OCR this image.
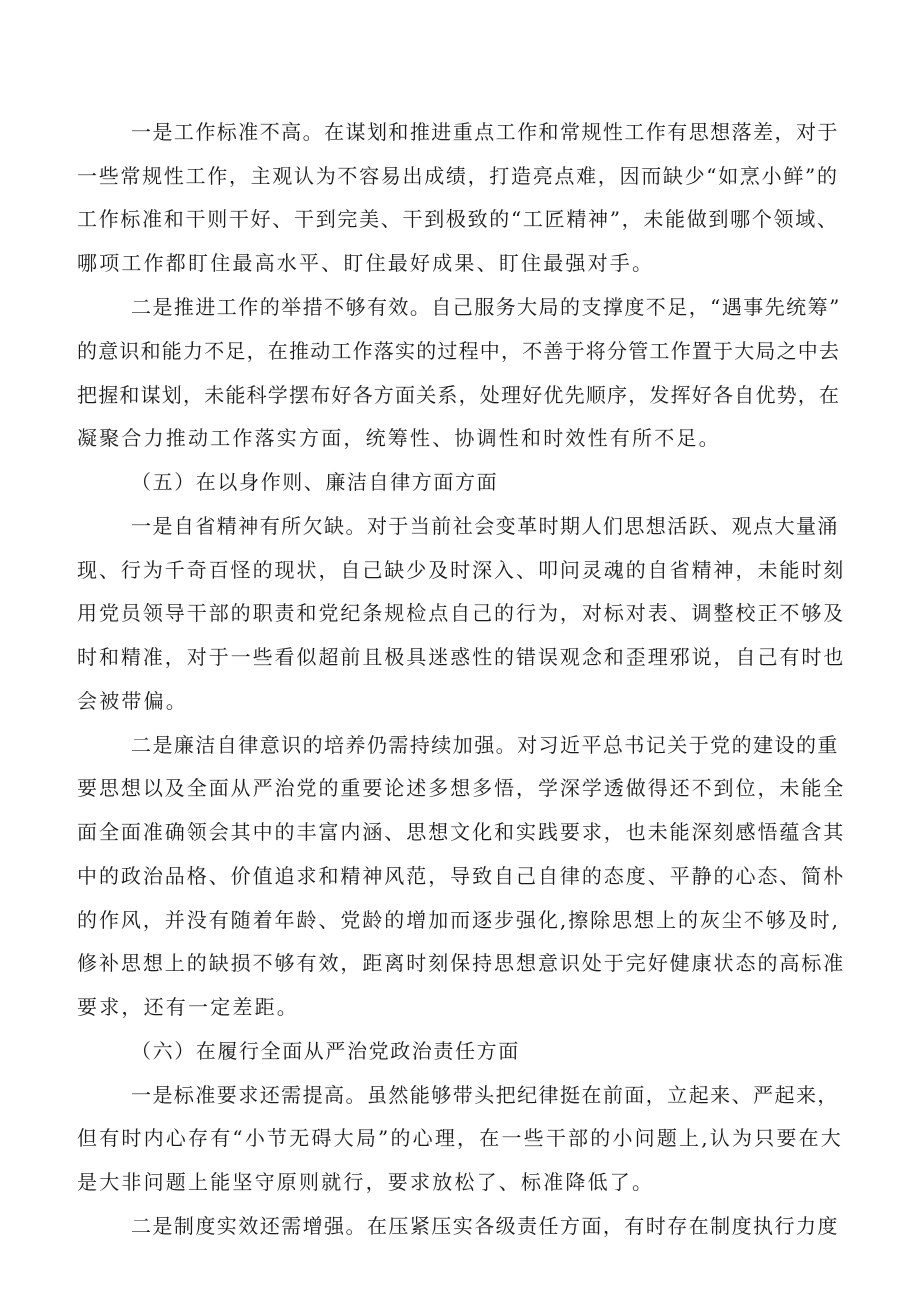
一是工作标准不高。在谋划和推进重点工作和常规性工作有思想落差，对于
一些常规性工作，主观认为不容易出成绩，打造亮点难，因而缺少“如烹小鲜”的
工作标准和干则干好、干到完美、干到极致的“工匠精神”，未能做到哪个领域、
哪项工作都盯住最高水平、盯住最好成果、盯住最强对手。
二是推进工作的举措不够有效。自己服务大局的支撑度不足，“遇事先统筹”
的意识和能力不足，在推动工作落实的过程中，不善于将分管工作置于大局之中去
把握和谋划，未能科学摆布好各方面关系，处理好优先顺序，发挥好各自优势，在
凝聚合力推动工作落实方面，统筹性、协调性和时效性有所不足。
（五）在以身作则、廉洁自律方面方面
一是自省精神有所欠缺。对于当前社会变革时期人们思想活跃、观点大量涌
现、行为千奇百怪的现状，自己缺少及时深入、叩问灵魂的自省精神，未能时刻
用党员领导干部的职责和党纪条规检点自己的行为，对标对表、调整校正不够及
时和精准，对于一些看似超前且极具迷惑性的错误观念和歪理邪说，自己有时也
会被带偏。
二是廉洁自律意识的培养仍需持续加强。对习近平总书记关于党的建设的重
要思想以及全面从严治党的重要论述多想多悟，学深学透做得还不到位，未能全
面全面准确领会其中的丰富内涵、思想文化和实践要求，也未能深刻感悟蕴含其
中的政治品格、价值追求和精神风范，导致自己自律的态度、平静的心态、简朴
的作风，并没有随着年龄、党龄的增加而逐步强化,擦除思想上的灰尘不够及时,
修补思想上的缺损不够有效，距离时刻保持思想意识处于完好健康状态的高标准
要求，还有一定差距。
（六）在履行全面从严治党政治责任方面
一是标准要求还需提高。虽然能够带头把纪律挺在前面，立起来、严起来，
但有时内心存有“小节无碍大局”的心理，在一些干部的小问题上,认为只要在大
是大非问题上能坚守原则就行，要求放松了、标准降低了。
二是制度实效还需增强。在压紧压实各级责任方面，有时存在制度执行力度
